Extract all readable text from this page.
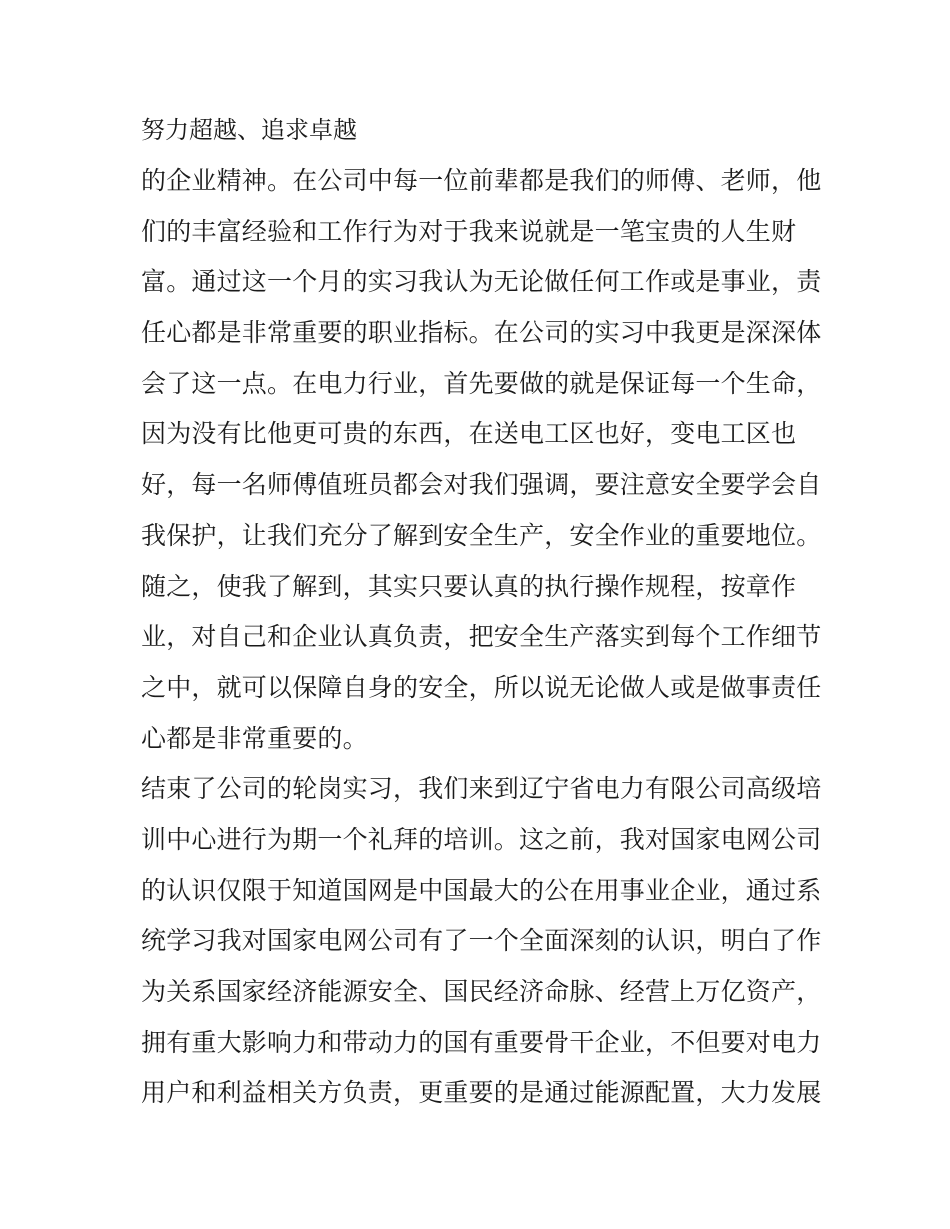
努力超越、追求卓越
的企业精神。在公司中每一位前辈都是我们的师傅、老师，他
们的丰富经验和工作行为对于我来说就是一笔宝贵的人生财
富。通过这一个月的实习我认为无论做任何工作或是事业，责
任心都是非常重要的职业指标。在公司的实习中我更是深深体
会了这一点。在电力行业，首先要做的就是保证每一个生命，
因为没有比他更可贵的东西，在送电工区也好，变电工区也
好，每一名师傅值班员都会对我们强调，要注意安全要学会自
我保护，让我们充分了解到安全生产，安全作业的重要地位。
随之，使我了解到，其实只要认真的执行操作规程，按章作
业，对自己和企业认真负责，把安全生产落实到每个工作细节
之中，就可以保障自身的安全，所以说无论做人或是做事责任
心都是非常重要的。
结束了公司的轮岗实习，我们来到辽宁省电力有限公司高级培
训中心进行为期一个礼拜的培训。这之前，我对国家电网公司
的认识仅限于知道国网是中国最大的公在用事业企业，通过系
统学习我对国家电网公司有了一个全面深刻的认识，明白了作
为关系国家经济能源安全、国民经济命脉、经营上万亿资产，
拥有重大影响力和带动力的国有重要骨干企业，不但要对电力
用户和利益相关方负责，更重要的是通过能源配置，大力发展
